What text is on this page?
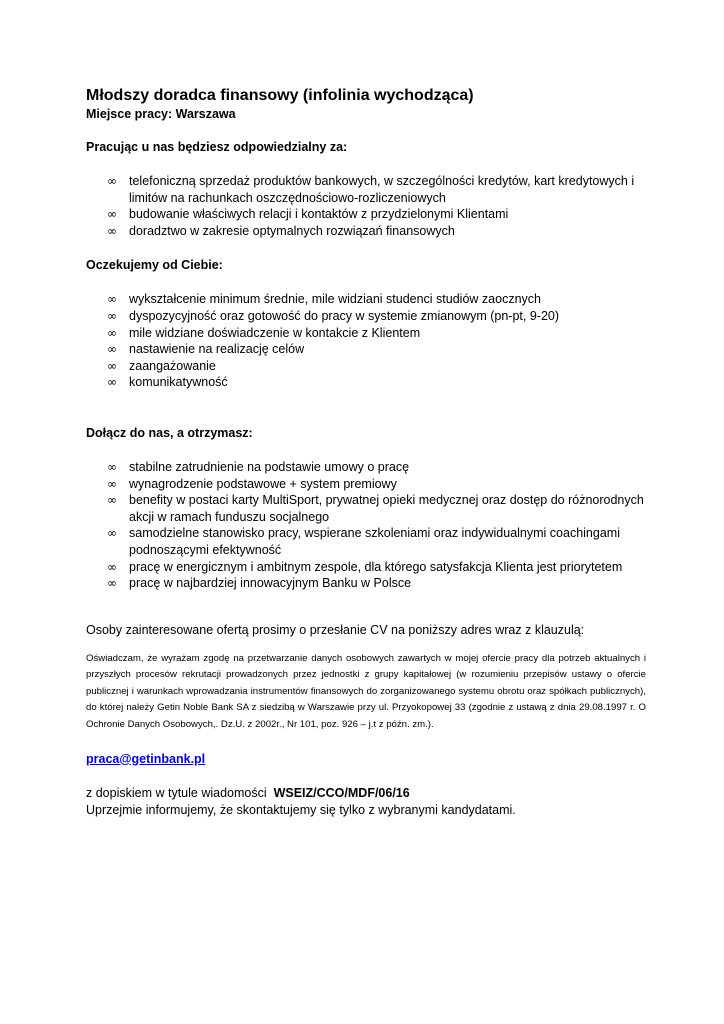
Młodszy doradca finansowy (infolinia wychodząca)

Miejsce pracy: Warszawa

Pracując u nas będziesz odpowiedzialny za:

∞ telefoniczną sprzedaż produktów bankowych, w szczególności kredytów, kart kredytowych i limitów na rachunkach oszczędnościowo-rozliczeniowych
∞ budowanie właściwych relacji i kontaktów z przydzielonymi Klientami
∞ doradztwo w zakresie optymalnych rozwiązań finansowych

Oczekujemy od Ciebie:

∞ wykształcenie minimum średnie, mile widziani studenci studiów zaocznych
∞ dyspozycyjność oraz gotowość do pracy w systemie zmianowym (pn-pt, 9-20)
∞ mile widziane doświadczenie w kontakcie z Klientem
∞ nastawienie na realizację celów
∞ zaangażowanie
∞ komunikatywność

Dołącz do nas, a otrzymasz:

∞ stabilne zatrudnienie na podstawie umowy o pracę
∞ wynagrodzenie podstawowe + system premiowy
∞ benefity w postaci karty MultiSport, prywatnej opieki medycznej oraz dostęp do różnorodnych akcji w ramach funduszu socjalnego
∞ samodzielne stanowisko pracy, wspierane szkoleniami oraz indywidualnymi coachingami podnoszącymi efektywność
∞ pracę w energicznym i ambitnym zespole, dla którego satysfakcja Klienta jest priorytetem
∞ pracę w najbardziej innowacyjnym Banku w Polsce

Osoby zainteresowane ofertą prosimy o przesłanie CV na poniższy adres wraz z klauzulą:

Oświadczam, że wyrażam zgodę na przetwarzanie danych osobowych zawartych w mojej ofercie pracy dla potrzeb aktualnych i przyszłych procesów rekrutacji prowadzonych przez jednostki z grupy kapitałowej (w rozumieniu przepisów ustawy o ofercie publicznej i warunkach wprowadzania instrumentów finansowych do zorganizowanego systemu obrotu oraz spółkach publicznych), do której należy Getin Noble Bank SA z siedzibą w Warszawie przy ul. Przyokopowej 33 (zgodnie z ustawą z dnia 29.08.1997 r. O Ochronie Danych Osobowych,. Dz.U. z 2002r., Nr 101, poz. 926 – j.t z późn. zm.).

praca@getinbank.pl

z dopiskiem w tytule wiadomości  WSEIZ/CCO/MDF/06/16

Uprzejmie informujemy, że skontaktujemy się tylko z wybranymi kandydatami.
